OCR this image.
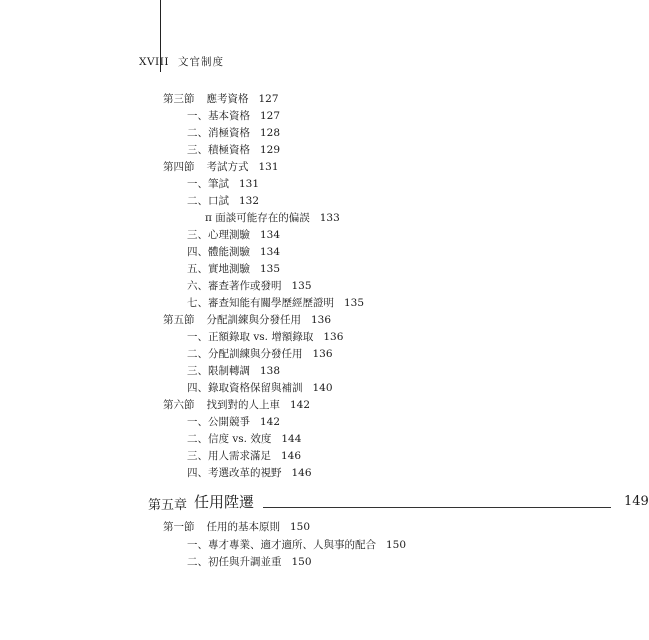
XVIII 文官制度
第三節 應考資格 127
一、基本資格 127
二、消極資格 128
三、積極資格 129
第四節 考試方式 131
一、筆試 131
二、口試 132
π 面談可能存在的偏誤 133
三、心理測驗 134
四、體能測驗 134
五、實地測驗 135
六、審查著作或發明 135
七、審查知能有關學歷經歷證明 135
第五節 分配訓練與分發任用 136
一、正額錄取 vs. 增額錄取 136
二、分配訓練與分發任用 136
三、限制轉調 138
四、錄取資格保留與補訓 140
第六節 找到對的人上車 142
一、公開競爭 142
二、信度 vs. 效度 144
三、用人需求滿足 146
四、考選改革的視野 146
第五章 任用陞遷	149
第一節 任用的基本原則 150
一、專才專業、適才適所、人與事的配合 150
二、初任與升調並重 150
